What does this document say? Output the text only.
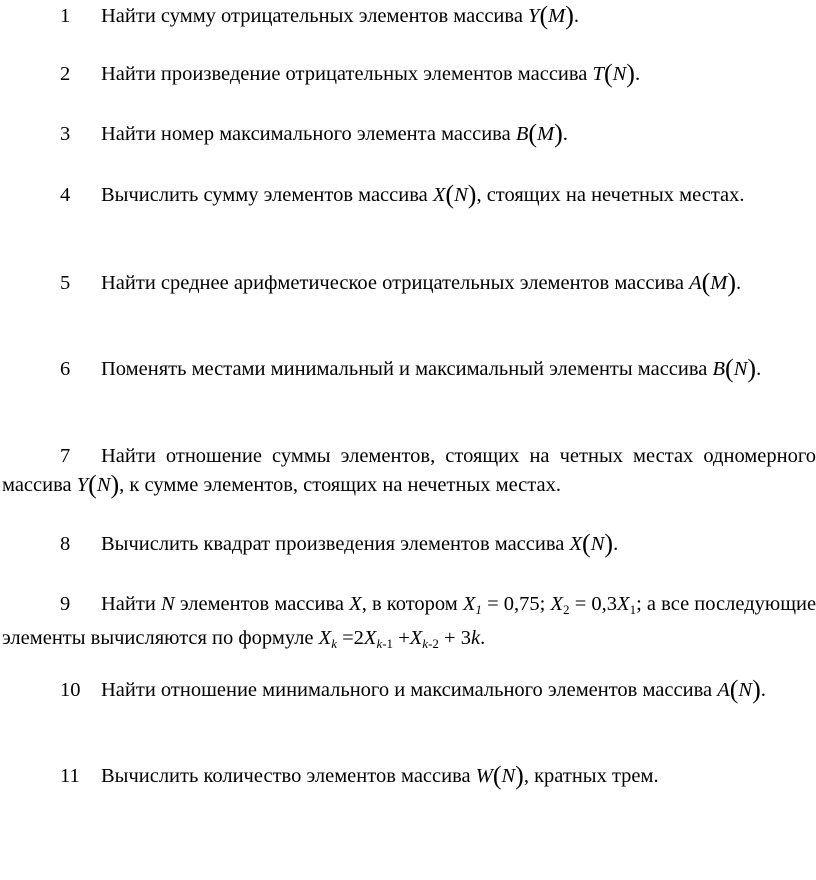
1 Найти сумму отрицательных элементов массива Y(M).

2 Найти произведение отрицательных элементов массива T(N).

3 Найти номер максимального элемента массива B(M).

4 Вычислить сумму элементов массива X(N), стоящих на нечетных местах.

5 Найти среднее арифметическое отрицательных элементов массива A(M).

6 Поменять местами минимальный и максимальный элементы массива B(N).

7 Найти отношение суммы элементов, стоящих на четных местах одномерного массива Y(N), к сумме элементов, стоящих на нечетных местах.

8 Вычислить квадрат произведения элементов массива X(N).

9 Найти N элементов массива X, в котором X1 = 0,75; $X_2 = 0,3X_1$; а все последующие элементы вычисляются по формуле $Xk =2Xk_{-1} +Xk_{-2} + 3k$.

10 Найти отношение минимального и максимального элементов массива A(N).

11 Вычислить количество элементов массива W(N), кратных трем.
